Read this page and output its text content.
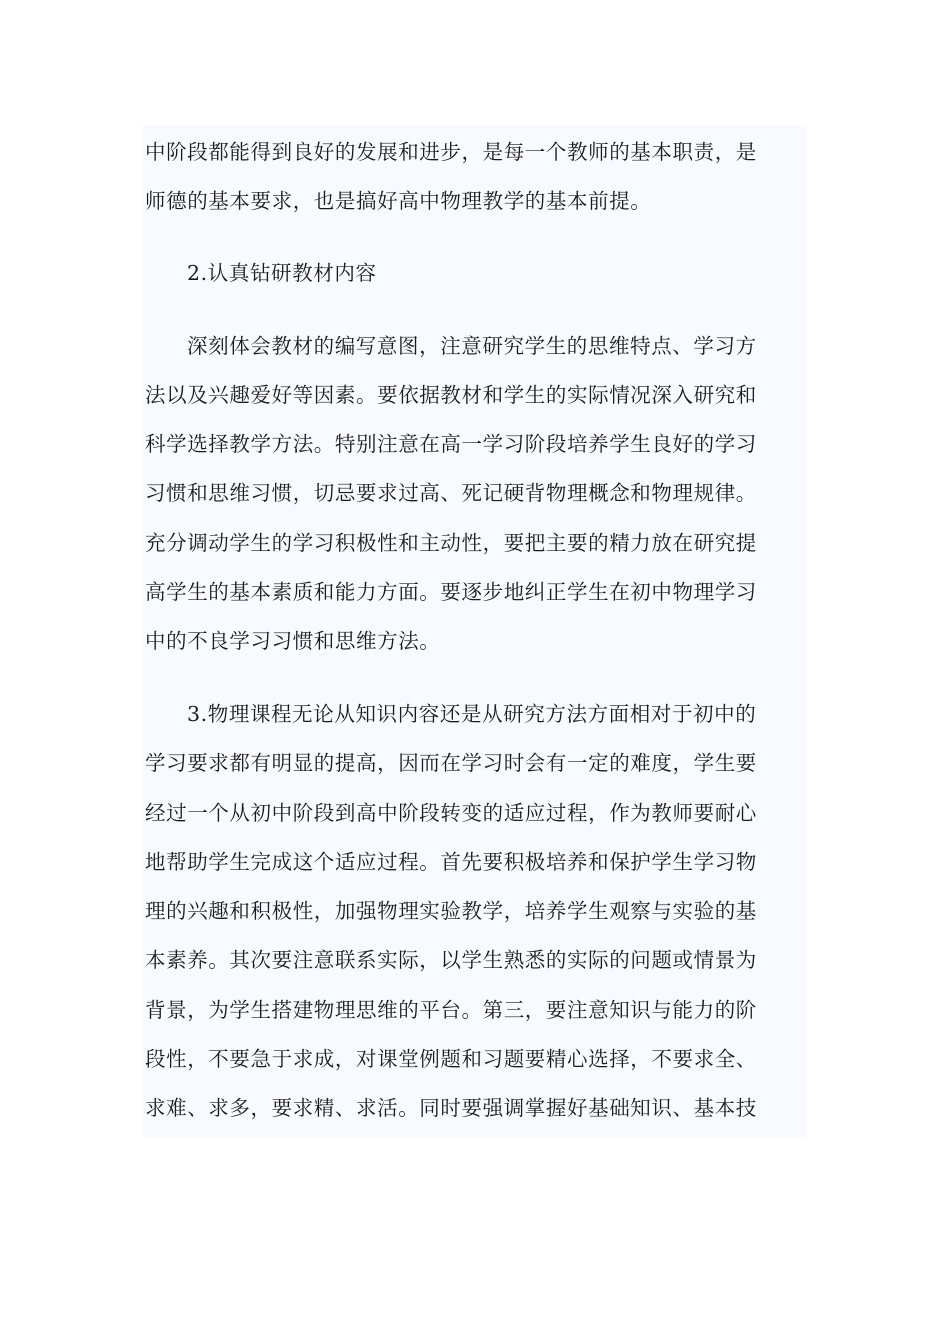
中阶段都能得到良好的发展和进步，是每一个教师的基本职责，是
师德的基本要求，也是搞好高中物理教学的基本前提。
2.认真钻研教材内容
深刻体会教材的编写意图，注意研究学生的思维特点、学习方
法以及兴趣爱好等因素。要依据教材和学生的实际情况深入研究和
科学选择教学方法。特别注意在高一学习阶段培养学生良好的学习
习惯和思维习惯，切忌要求过高、死记硬背物理概念和物理规律。
充分调动学生的学习积极性和主动性，要把主要的精力放在研究提
高学生的基本素质和能力方面。要逐步地纠正学生在初中物理学习
中的不良学习习惯和思维方法。
3.物理课程无论从知识内容还是从研究方法方面相对于初中的
学习要求都有明显的提高，因而在学习时会有一定的难度，学生要
经过一个从初中阶段到高中阶段转变的适应过程，作为教师要耐心
地帮助学生完成这个适应过程。首先要积极培养和保护学生学习物
理的兴趣和积极性，加强物理实验教学，培养学生观察与实验的基
本素养。其次要注意联系实际，以学生熟悉的实际的问题或情景为
背景，为学生搭建物理思维的平台。第三，要注意知识与能力的阶
段性，不要急于求成，对课堂例题和习题要精心选择，不要求全、
求难、求多，要求精、求活。同时要强调掌握好基础知识、基本技
